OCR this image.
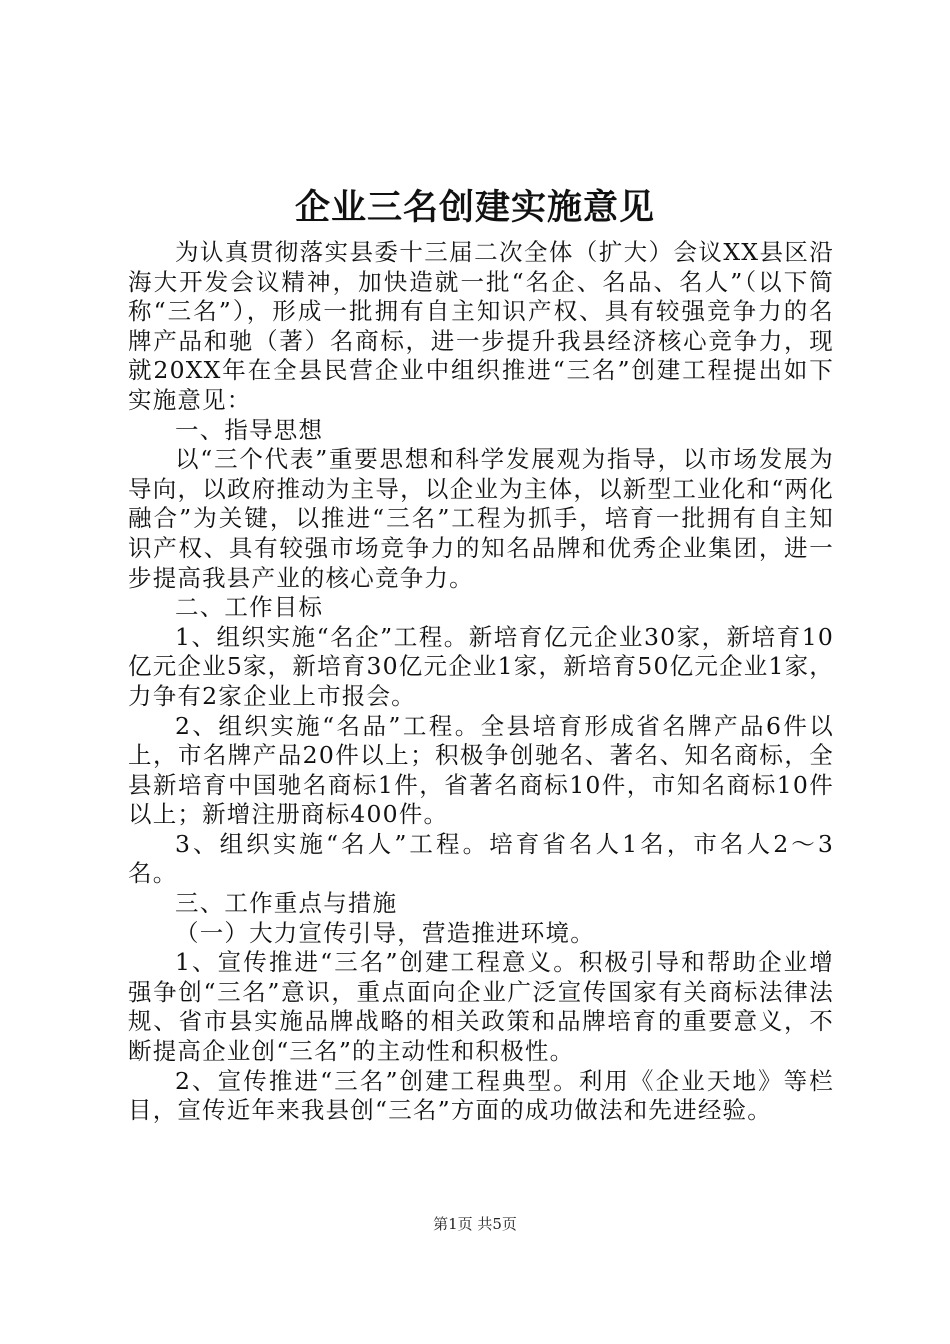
企业三名创建实施意见

为认真贯彻落实县委十三届二次全体（扩大）会议XX县区沿海大开发会议精神，加快造就一批“名企、名品、名人”（以下简称“三名”），形成一批拥有自主知识产权、具有较强竞争力的名牌产品和驰（著）名商标，进一步提升我县经济核心竞争力，现就20XX年在全县民营企业中组织推进“三名”创建工程提出如下实施意见：

一、指导思想

以“三个代表”重要思想和科学发展观为指导，以市场发展为导向，以政府推动为主导，以企业为主体，以新型工业化和“两化融合”为关键，以推进“三名”工程为抓手，培育一批拥有自主知识产权、具有较强市场竞争力的知名品牌和优秀企业集团，进一步提高我县产业的核心竞争力。

二、工作目标

1、组织实施“名企”工程。新培育亿元企业30家，新培育10亿元企业5家，新培育30亿元企业1家，新培育50亿元企业1家，力争有2家企业上市报会。

2、组织实施“名品”工程。全县培育形成省名牌产品6件以上，市名牌产品20件以上；积极争创驰名、著名、知名商标，全县新培育中国驰名商标1件，省著名商标10件，市知名商标10件以上；新增注册商标400件。

3、组织实施“名人”工程。培育省名人1名，市名人2～3名。

三、工作重点与措施

（一）大力宣传引导，营造推进环境。

1、宣传推进“三名”创建工程意义。积极引导和帮助企业增强争创“三名”意识，重点面向企业广泛宣传国家有关商标法律法规、省市县实施品牌战略的相关政策和品牌培育的重要意义，不断提高企业创“三名”的主动性和积极性。

2、宣传推进“三名”创建工程典型。利用《企业天地》等栏目，宣传近年来我县创“三名”方面的成功做法和先进经验。

第1页 共5页
